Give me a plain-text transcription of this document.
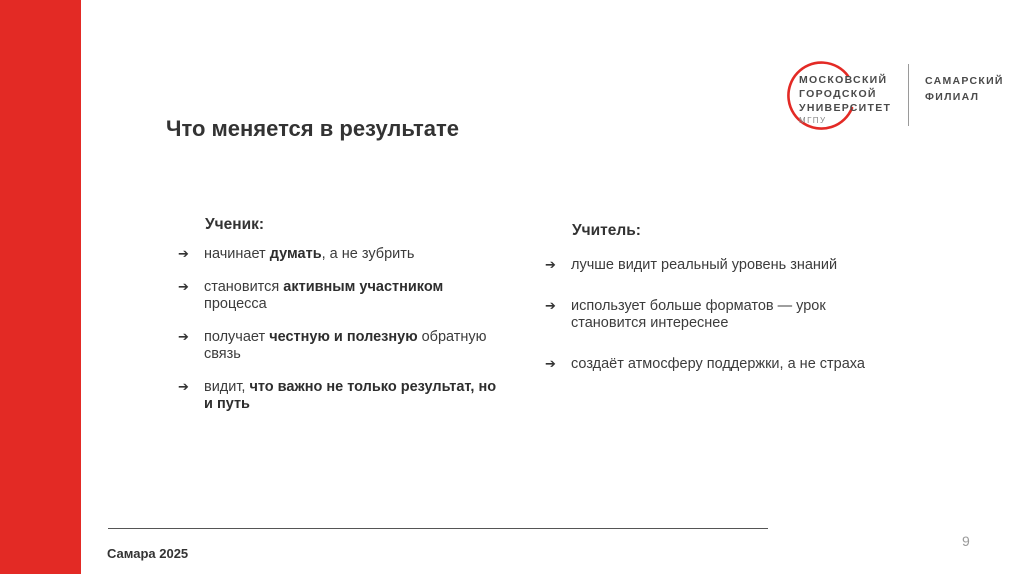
Что меняется в результате
МОСКОВСКИЙ
ГОРОДСКОЙ
УНИВЕРСИТЕТ
МГПУ
САМАРСКИЙ
ФИЛИАЛ
Ученик:
➔ начинает думать, а не зубрить
➔ становится активным участником процесса
➔ получает честную и полезную обратную связь
➔ видит, что важно не только результат, но и путь
Учитель:
➔ лучше видит реальный уровень знаний
➔ использует больше форматов — урок становится интереснее
➔ создаёт атмосферу поддержки, а не страха
Самара 2025
9
